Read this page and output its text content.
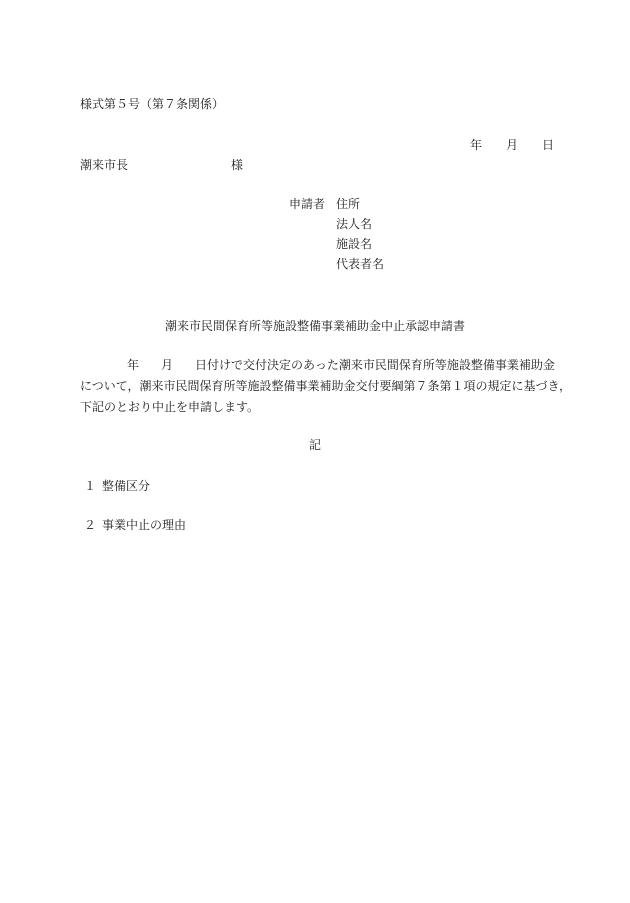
様式第５号（第７条関係）
年 月 日
潮来市長	様
申請者 住所
法人名
施設名
代表者名
潮来市民間保育所等施設整備事業補助金中止承認申請書
年 月 日付けで交付決定のあった潮来市民間保育所等施設整備事業補助金
について，潮来市民間保育所等施設整備事業補助金交付要綱第７条第１項の規定に基づき，
下記のとおり中止を申請します。
記
１ 整備区分
２ 事業中止の理由
